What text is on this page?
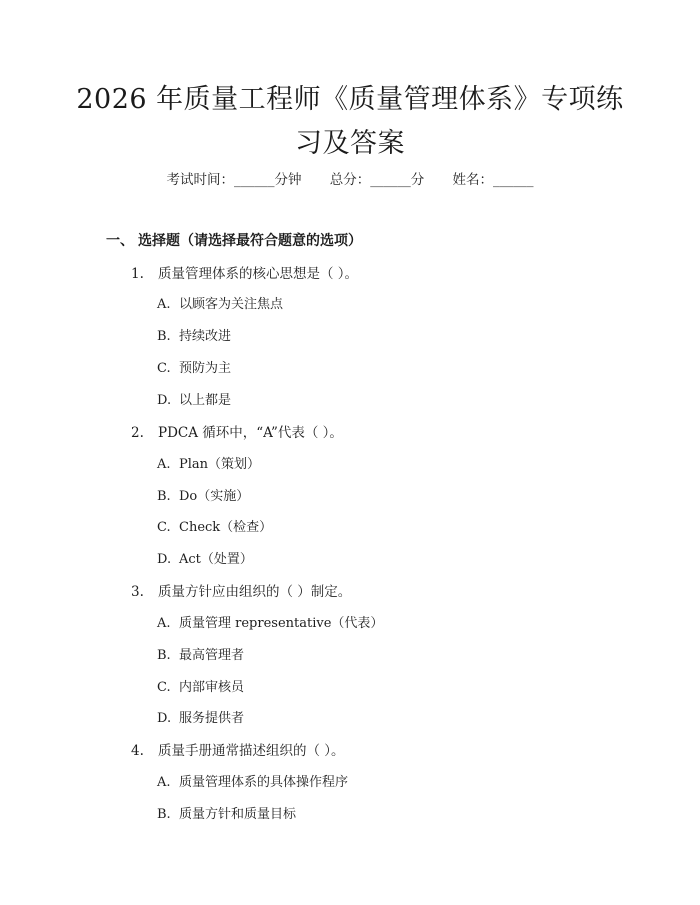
2026 年质量工程师《质量管理体系》专项练
习及答案
考试时间：______分钟 总分：______分 姓名：______
一、 选择题（请选择最符合题意的选项）
1. 质量管理体系的核心思想是（ ）。
A. 以顾客为关注焦点
B. 持续改进
C. 预防为主
D. 以上都是
2. PDCA 循环中，“A”代表（ ）。
A. Plan（策划）
B. Do（实施）
C. Check（检查）
D. Act（处置）
3. 质量方针应由组织的（ ）制定。
A. 质量管理 representative（代表）
B. 最高管理者
C. 内部审核员
D. 服务提供者
4. 质量手册通常描述组织的（ ）。
A. 质量管理体系的具体操作程序
B. 质量方针和质量目标
